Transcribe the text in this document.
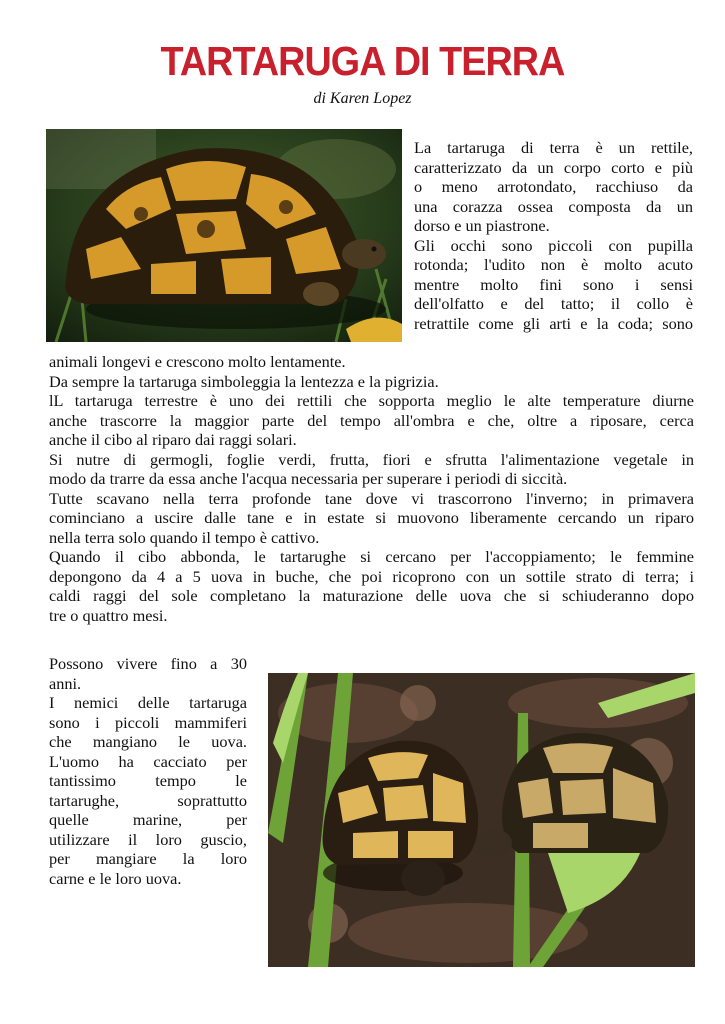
TARTARUGA DI TERRA
di Karen Lopez
La tartaruga di terra è un rettile,
caratterizzato da un corpo corto e più
o meno arrotondato, racchiuso da
una corazza ossea composta da un
dorso e un piastrone.
Gli occhi sono piccoli con pupilla
rotonda; l'udito non è molto acuto
mentre molto fini sono i sensi
dell'olfatto e del tatto; il collo è
retrattile come gli arti e la coda; sono
animali longevi e crescono molto lentamente.
Da sempre la tartaruga simboleggia la lentezza e la pigrizia.
lL tartaruga terrestre è uno dei rettili che sopporta meglio le alte temperature diurne
anche trascorre la maggior parte del tempo all'ombra e che, oltre a riposare, cerca
anche il cibo al riparo dai raggi solari.
Si nutre di germogli, foglie verdi, frutta, fiori e sfrutta l'alimentazione vegetale in
modo da trarre da essa anche l'acqua necessaria per superare i periodi di siccità.
Tutte scavano nella terra profonde tane dove vi trascorrono l'inverno; in primavera
cominciano a uscire dalle tane e in estate si muovono liberamente cercando un riparo
nella terra solo quando il tempo è cattivo.
Quando il cibo abbonda, le tartarughe si cercano per l'accoppiamento; le femmine
depongono da 4 a 5 uova in buche, che poi ricoprono con un sottile strato di terra; i
caldi raggi del sole completano la maturazione delle uova che si schiuderanno dopo
tre o quattro mesi.
Possono vivere fino a 30
anni.
I nemici delle tartaruga
sono i piccoli mammiferi
che mangiano le uova.
L'uomo ha cacciato per
tantissimo tempo le
tartarughe, soprattutto
quelle marine, per
utilizzare il loro guscio,
per mangiare la loro
carne e le loro uova.
